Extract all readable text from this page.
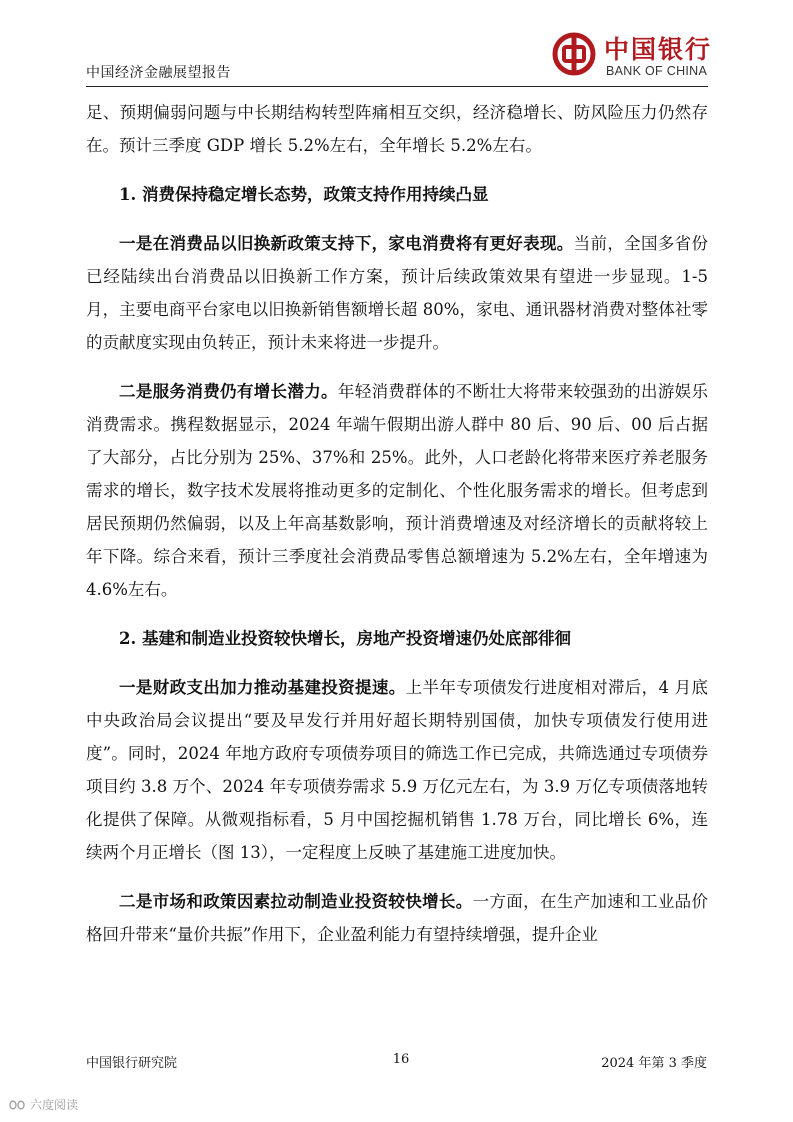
中国经济金融展望报告
中国银行
BANK OF CHINA

足、预期偏弱问题与中长期结构转型阵痛相互交织，经济稳增长、防风险压力仍然存在。预计三季度 GDP 增长 5.2%左右，全年增长 5.2%左右。

1. 消费保持稳定增长态势，政策支持作用持续凸显

一是在消费品以旧换新政策支持下，家电消费将有更好表现。当前，全国多省份已经陆续出台消费品以旧换新工作方案，预计后续政策效果有望进一步显现。1-5 月，主要电商平台家电以旧换新销售额增长超 80%，家电、通讯器材消费对整体社零的贡献度实现由负转正，预计未来将进一步提升。

二是服务消费仍有增长潜力。年轻消费群体的不断壮大将带来较强劲的出游娱乐消费需求。携程数据显示，2024 年端午假期出游人群中 80 后、90 后、00 后占据了大部分，占比分别为 25%、37%和 25%。此外，人口老龄化将带来医疗养老服务需求的增长，数字技术发展将推动更多的定制化、个性化服务需求的增长。但考虑到居民预期仍然偏弱，以及上年高基数影响，预计消费增速及对经济增长的贡献将较上年下降。综合来看，预计三季度社会消费品零售总额增速为 5.2%左右，全年增速为 4.6%左右。

2. 基建和制造业投资较快增长，房地产投资增速仍处底部徘徊

一是财政支出加力推动基建投资提速。上半年专项债发行进度相对滞后，4 月底中央政治局会议提出“要及早发行并用好超长期特别国债，加快专项债发行使用进度”。同时，2024 年地方政府专项债券项目的筛选工作已完成，共筛选通过专项债券项目约 3.8 万个、2024 年专项债券需求 5.9 万亿元左右，为 3.9 万亿专项债落地转化提供了保障。从微观指标看，5 月中国挖掘机销售 1.78 万台，同比增长 6%，连续两个月正增长（图 13），一定程度上反映了基建施工进度加快。

二是市场和政策因素拉动制造业投资较快增长。一方面，在生产加速和工业品价格回升带来“量价共振”作用下，企业盈利能力有望持续增强，提升企业

中国银行研究院	16	2024 年第 3 季度
六度阅读
